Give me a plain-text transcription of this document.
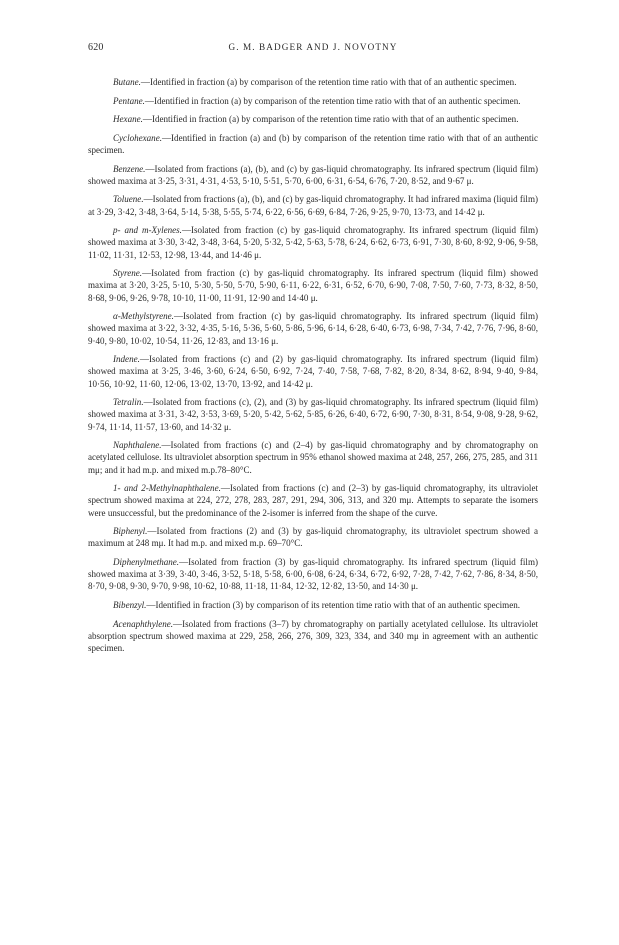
620	G. M. BADGER AND J. NOVOTNY

Butane.—Identified in fraction (a) by comparison of the retention time ratio with that of an authentic specimen.

Pentane.—Identified in fraction (a) by comparison of the retention time ratio with that of an authentic specimen.

Hexane.—Identified in fraction (a) by comparison of the retention time ratio with that of an authentic specimen.

Cyclohexane.—Identified in fraction (a) and (b) by comparison of the retention time ratio with that of an authentic specimen.

Benzene.—Isolated from fractions (a), (b), and (c) by gas-liquid chromatography. Its infrared spectrum (liquid film) showed maxima at 3·25, 3·31, 4·31, 4·53, 5·10, 5·51, 5·70, 6·00, 6·31, 6·54, 6·76, 7·20, 8·52, and 9·67 μ.

Toluene.—Isolated from fractions (a), (b), and (c) by gas-liquid chromatography. It had infrared maxima (liquid film) at 3·29, 3·42, 3·48, 3·64, 5·14, 5·38, 5·55, 5·74, 6·22, 6·56, 6·69, 6·84, 7·26, 9·25, 9·70, 13·73, and 14·42 μ.

p- and m-Xylenes.—Isolated from fraction (c) by gas-liquid chromatography. Its infrared spectrum (liquid film) showed maxima at 3·30, 3·42, 3·48, 3·64, 5·20, 5·32, 5·42, 5·63, 5·78, 6·24, 6·62, 6·73, 6·91, 7·30, 8·60, 8·92, 9·06, 9·58, 11·02, 11·31, 12·53, 12·98, 13·44, and 14·46 μ.

Styrene.—Isolated from fraction (c) by gas-liquid chromatography. Its infrared spectrum (liquid film) showed maxima at 3·20, 3·25, 5·10, 5·30, 5·50, 5·70, 5·90, 6·11, 6·22, 6·31, 6·52, 6·70, 6·90, 7·08, 7·50, 7·60, 7·73, 8·32, 8·50, 8·68, 9·06, 9·26, 9·78, 10·10, 11·00, 11·91, 12·90 and 14·40 μ.

α-Methylstyrene.—Isolated from fraction (c) by gas-liquid chromatography. Its infrared spectrum (liquid film) showed maxima at 3·22, 3·32, 4·35, 5·16, 5·36, 5·60, 5·86, 5·96, 6·14, 6·28, 6·40, 6·73, 6·98, 7·34, 7·42, 7·76, 7·96, 8·60, 9·40, 9·80, 10·02, 10·54, 11·26, 12·83, and 13·16 μ.

Indene.—Isolated from fractions (c) and (2) by gas-liquid chromatography. Its infrared spectrum (liquid film) showed maxima at 3·25, 3·46, 3·60, 6·24, 6·50, 6·92, 7·24, 7·40, 7·58, 7·68, 7·82, 8·20, 8·34, 8·62, 8·94, 9·40, 9·84, 10·56, 10·92, 11·60, 12·06, 13·02, 13·70, 13·92, and 14·42 μ.

Tetralin.—Isolated from fractions (c), (2), and (3) by gas-liquid chromatography. Its infrared spectrum (liquid film) showed maxima at 3·31, 3·42, 3·53, 3·69, 5·20, 5·42, 5·62, 5·85, 6·26, 6·40, 6·72, 6·90, 7·30, 8·31, 8·54, 9·08, 9·28, 9·62, 9·74, 11·14, 11·57, 13·60, and 14·32 μ.

Naphthalene.—Isolated from fractions (c) and (2–4) by gas-liquid chromatography and by chromatography on acetylated cellulose. Its ultraviolet absorption spectrum in 95% ethanol showed maxima at 248, 257, 266, 275, 285, and 311 mμ; and it had m.p. and mixed m.p.78–80°C.

1- and 2-Methylnaphthalene.—Isolated from fractions (c) and (2–3) by gas-liquid chromatography, its ultraviolet spectrum showed maxima at 224, 272, 278, 283, 287, 291, 294, 306, 313, and 320 mμ. Attempts to separate the isomers were unsuccessful, but the predominance of the 2-isomer is inferred from the shape of the curve.

Biphenyl.—Isolated from fractions (2) and (3) by gas-liquid chromatography, its ultraviolet spectrum showed a maximum at 248 mμ. It had m.p. and mixed m.p. 69–70°C.

Diphenylmethane.—Isolated from fraction (3) by gas-liquid chromatography. Its infrared spectrum (liquid film) showed maxima at 3·39, 3·40, 3·46, 3·52, 5·18, 5·58, 6·00, 6·08, 6·24, 6·34, 6·72, 6·92, 7·28, 7·42, 7·62, 7·86, 8·34, 8·50, 8·70, 9·08, 9·30, 9·70, 9·98, 10·62, 10·88, 11·18, 11·84, 12·32, 12·82, 13·50, and 14·30 μ.

Bibenzyl.—Identified in fraction (3) by comparison of its retention time ratio with that of an authentic specimen.

Acenaphthylene.—Isolated from fractions (3–7) by chromatography on partially acetylated cellulose. Its ultraviolet absorption spectrum showed maxima at 229, 258, 266, 276, 309, 323, 334, and 340 mμ in agreement with an authentic specimen.
